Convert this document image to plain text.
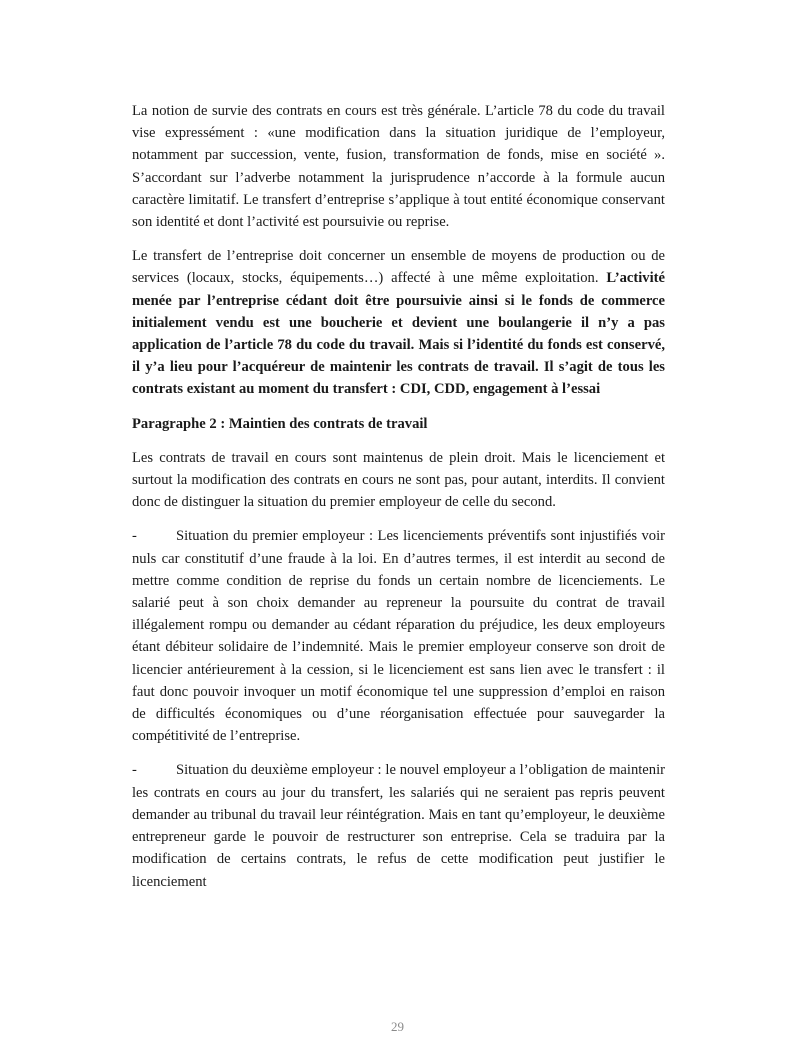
La notion de survie des contrats en cours est très générale. L’article 78 du code du travail vise expressément : «une modification dans la situation juridique de l’employeur, notamment par succession, vente, fusion, transformation de fonds, mise en société ». S’accordant sur l’adverbe notamment la jurisprudence n’accorde à la formule aucun caractère limitatif. Le transfert d’entreprise s’applique à tout entité économique conservant son identité et dont l’activité est poursuivie ou reprise.

Le transfert de l’entreprise doit concerner un ensemble de moyens de production ou de services (locaux, stocks, équipements…) affecté à une même exploitation. L’activité menée par l’entreprise cédant doit être poursuivie ainsi si le fonds de commerce initialement vendu est une boucherie et devient une boulangerie il n’y a pas application de l’article 78 du code du travail. Mais si l’identité du fonds est conservé, il y’a lieu pour l’acquéreur de maintenir les contrats de travail. Il s’agit de tous les contrats existant au moment du transfert : CDI, CDD, engagement à l’essai

Paragraphe 2 : Maintien des contrats de travail

Les contrats de travail en cours sont maintenus de plein droit. Mais le licenciement et surtout la modification des contrats en cours ne sont pas, pour autant, interdits. Il convient donc de distinguer la situation du premier employeur de celle du second.

-	Situation du premier employeur : Les licenciements préventifs sont injustifiés voir nuls car constitutif d’une fraude à la loi. En d’autres termes, il est interdit au second de mettre comme condition de reprise du fonds un certain nombre de licenciements. Le salarié peut à son choix demander au repreneur la poursuite du contrat de travail illégalement rompu ou demander au cédant réparation du préjudice, les deux employeurs étant débiteur solidaire de l’indemnité. Mais le premier employeur conserve son droit de licencier antérieurement à la cession, si le licenciement est sans lien avec le transfert : il faut donc pouvoir invoquer un motif économique tel une suppression d’emploi en raison de difficultés économiques ou d’une réorganisation effectuée pour sauvegarder la compétitivité de l’entreprise.

-	Situation du deuxième employeur : le nouvel employeur a l’obligation de maintenir les contrats en cours au jour du transfert, les salariés qui ne seraient pas repris peuvent demander au tribunal du travail leur réintégration. Mais en tant qu’employeur, le deuxième entrepreneur garde le pouvoir de restructurer son entreprise. Cela se traduira par la modification de certains contrats, le refus de cette modification peut justifier le licenciement

29
